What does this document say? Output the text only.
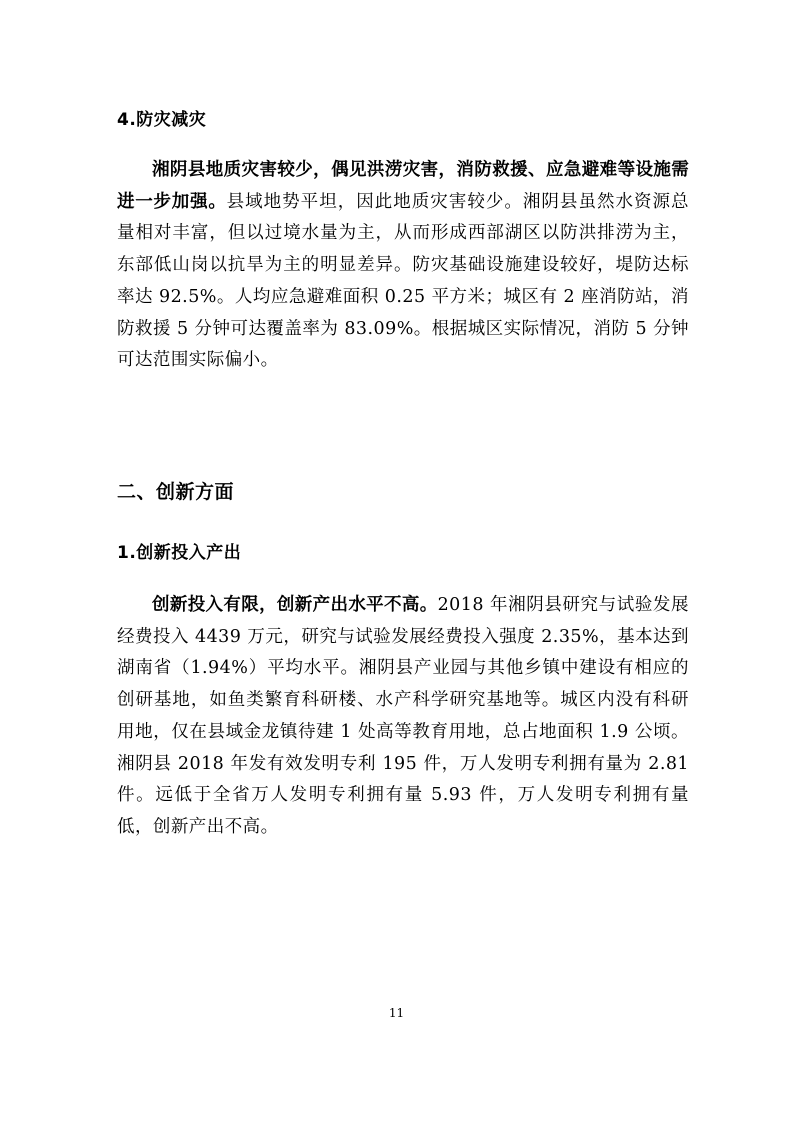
4.防灾减灾

湘阴县地质灾害较少，偶见洪涝灾害，消防救援、应急避难等设施需进一步加强。县域地势平坦，因此地质灾害较少。湘阴县虽然水资源总量相对丰富，但以过境水量为主，从而形成西部湖区以防洪排涝为主，东部低山岗以抗旱为主的明显差异。防灾基础设施建设较好，堤防达标率达 92.5%。人均应急避难面积 0.25 平方米；城区有 2 座消防站，消防救援 5 分钟可达覆盖率为 83.09%。根据城区实际情况，消防 5 分钟可达范围实际偏小。

二、创新方面
1.创新投入产出

创新投入有限，创新产出水平不高。2018 年湘阴县研究与试验发展经费投入 4439 万元，研究与试验发展经费投入强度 2.35%，基本达到湖南省（1.94%）平均水平。湘阴县产业园与其他乡镇中建设有相应的创研基地，如鱼类繁育科研楼、水产科学研究基地等。城区内没有科研用地，仅在县域金龙镇待建 1 处高等教育用地，总占地面积 1.9 公顷。湘阴县 2018 年发有效发明专利 195 件，万人发明专利拥有量为 2.81 件。远低于全省万人发明专利拥有量 5.93 件，万人发明专利拥有量低，创新产出不高。

11
